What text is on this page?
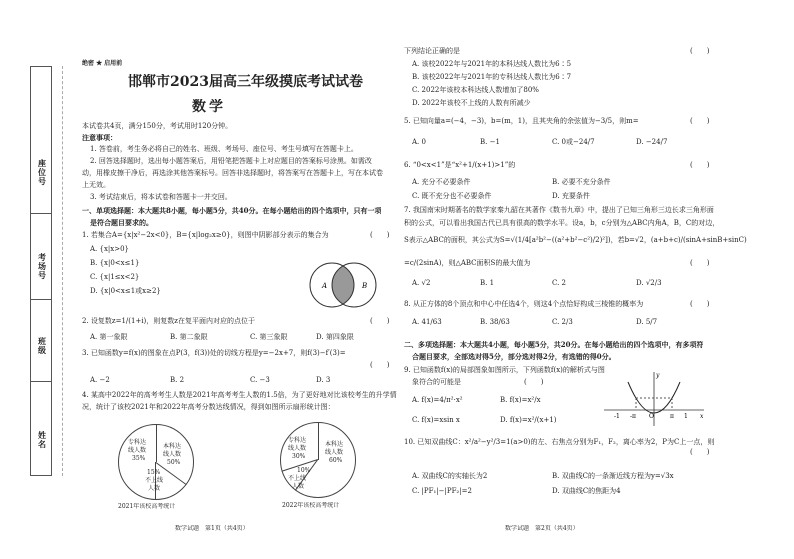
座位号
考场号
班级
姓名
绝密 ★ 启用前
邯郸市2023届高三年级摸底考试试卷
数学
本试卷共4页，满分150分，考试用时120分钟。
注意事项：
1. 答卷前，考生务必将自己的姓名、班级、考场号、座位号、考生号填写在答题卡上。
2. 回答选择题时，选出每小题答案后，用铅笔把答题卡上对应题目的答案标号涂黑。如需改
动，用橡皮擦干净后，再选涂其他答案标号。回答非选择题时，将答案写在答题卡上，写在本试卷
上无效。
3. 考试结束后，将本试卷和答题卡一并交回。
一、单项选择题：本大题共8小题，每小题5分，共40分。在每小题给出的四个选项中，只有一项
是符合题目要求的。
1. 若集合A={x|x²−2x<0}，B={x|log₂x≥0}，则图中阴影部分表示的集合为	(　　)
A. {x|x>0}
B. {x|0<x≤1}
C. {x|1≤x<2}
D. {x|0<x≤1或x≥2}
A	B
2. 设复数z=1/(1+i)，则复数z在复平面内对应的点位于	(　　)
A. 第一象限	B. 第二象限	C. 第三象限	D. 第四象限
3. 已知函数y=f(x)的图象在点P(3，f(3))处的切线方程是y=−2x+7，则f(3)−f′(3)=
(　　)
A. −2	B. 2	C. −3	D. 3
4. 某高中2022年的高考考生人数是2021年高考考生人数的1.5倍，为了更好地对比该校考生的升学情
况，统计了该校2021年和2022年高考分数达线情况，得到如图所示扇形统计图：
专科达
线人数
35%
本科达
线人数
50%
15%
不上线
人数
2021年该校高考统计
专科达
线人数
30%
本科达
线人数
60%
10%
不上线
人数
2022年该校高考统计
数学试题　第1页（共4页）
下列结论正确的是	(　　)
A. 该校2022年与2021年的本科达线人数比为6∶5
B. 该校2022年与2021年的专科达线人数比为6∶7
C. 2022年该校本科达线人数增加了80%
D. 2022年该校不上线的人数有所减少
5. 已知向量a=(−4，−3)，b=(m，1)，且其夹角的余弦值为−3/5，则m=	(　　)
A. 0	B. −1	C. 0或−24/7	D. −24/7
6. “0<x<1”是“x²+1/(x+1)>1”的	(　　)
A. 充分不必要条件	B. 必要不充分条件
C. 既不充分也不必要条件	D. 充要条件
7. 我国南宋时期著名的数学家秦九韶在其著作《数书九章》中，提出了已知三角形三边长求三角形面
积的公式，可以看出我国古代已具有很高的数学水平。设a，b，c分别为△ABC内角A，B，C的对边，
S表示△ABC的面积，其公式为S=√(1/4[a²b²−((a²+b²−c²)/2)²])，若b=√2，(a+b+c)/(sinA+sinB+sinC)
=c/(2sinA)，则△ABC面积S的最大值为	(　　)
A. √2	B. 1	C. 2	D. √2/3
8. 从正方体的8个顶点和中心中任选4个，则这4个点恰好构成三棱锥的概率为	(　　)
A. 41/63	B. 38/63	C. 2/3	D. 5/7
二、多项选择题：本大题共4小题，每小题5分，共20分。在每小题给出的四个选项中，有多项符
合题目要求，全部选对得5分，部分选对得2分，有选错的得0分。
9. 已知函数f(x)的局部图象如图所示，下列函数f(x)的解析式与图
象符合的可能是	(　　)
A. f(x)=4/π²·x²	B. f(x)=x²/x
C. f(x)=xsin x	D. f(x)=x²/(x+1)
y
x
O
-1	1
-π	π
10. 已知双曲线C：x²/a²−y²/3=1(a>0)的左、右焦点分别为F₁，F₂，离心率为2，P为C上一点，则
(　　)
A. 双曲线C的实轴长为2	B. 双曲线C的一条渐近线方程为y=√3x
C. |PF₁|−|PF₂|=2	D. 双曲线C的焦距为4
数学试题　第2页（共4页）
